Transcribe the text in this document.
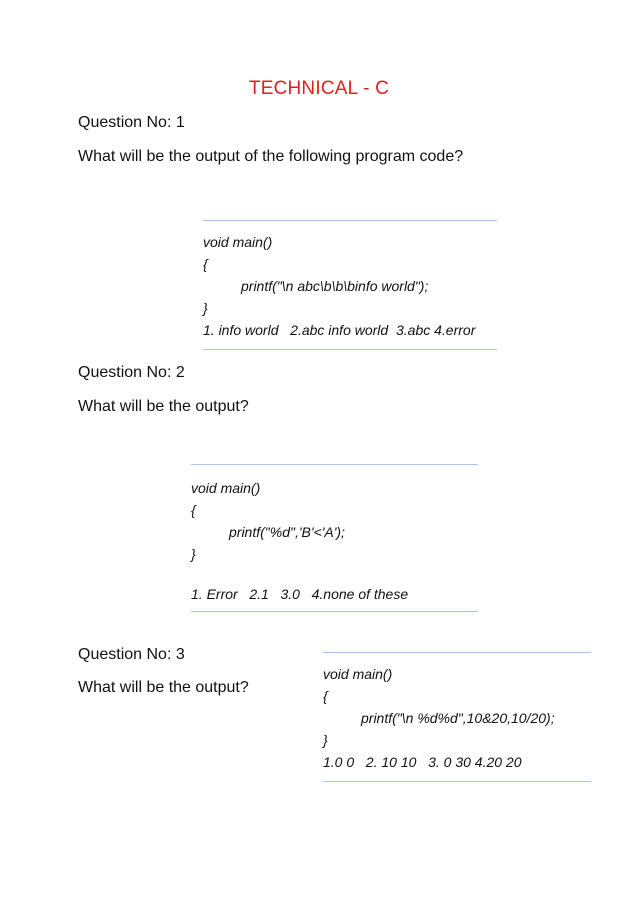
TECHNICAL - C
Question No: 1
What will be the output of the following program code?
void main()
{
printf("\n abc\b\b\binfo world");
}
1. info world   2.abc info world  3.abc 4.error
Question No: 2
What will be the output?
void main()
{
printf("%d",'B'<'A');
}
1. Error   2.1   3.0   4.none of these
Question No: 3
What will be the output?
void main()
{
printf("\n %d%d",10&20,10/20);
}
1.0 0   2. 10 10   3. 0 30 4.20 20
